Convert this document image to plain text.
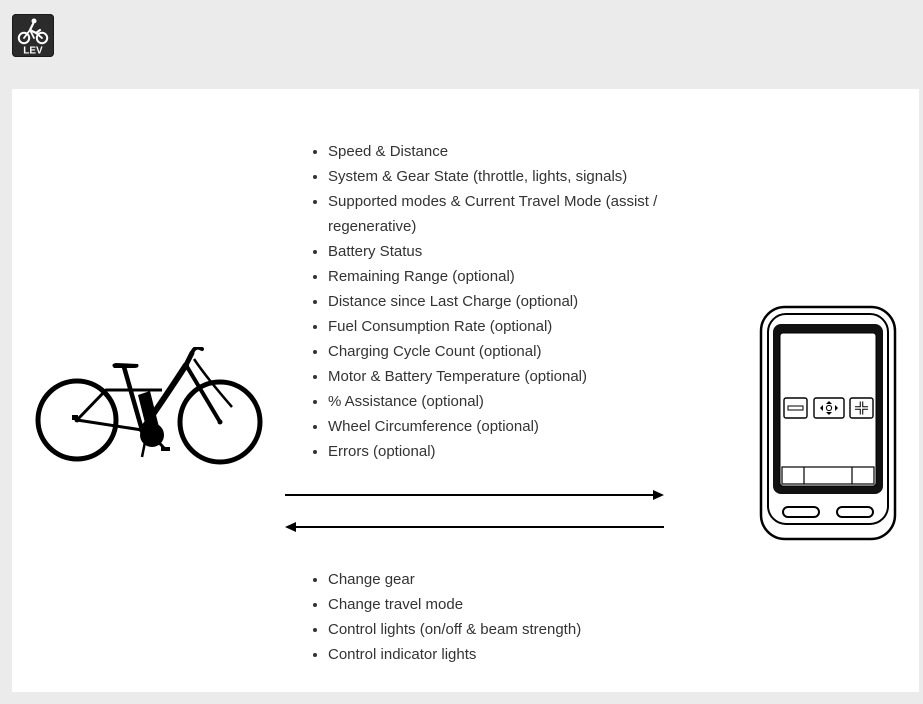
LEV
• Speed & Distance
• System & Gear State (throttle, lights, signals)
• Supported modes & Current Travel Mode (assist / regenerative)
• Battery Status
• Remaining Range (optional)
• Distance since Last Charge (optional)
• Fuel Consumption Rate (optional)
• Charging Cycle Count (optional)
• Motor & Battery Temperature (optional)
• % Assistance (optional)
• Wheel Circumference (optional)
• Errors (optional)
• Change gear
• Change travel mode
• Control lights (on/off & beam strength)
• Control indicator lights
